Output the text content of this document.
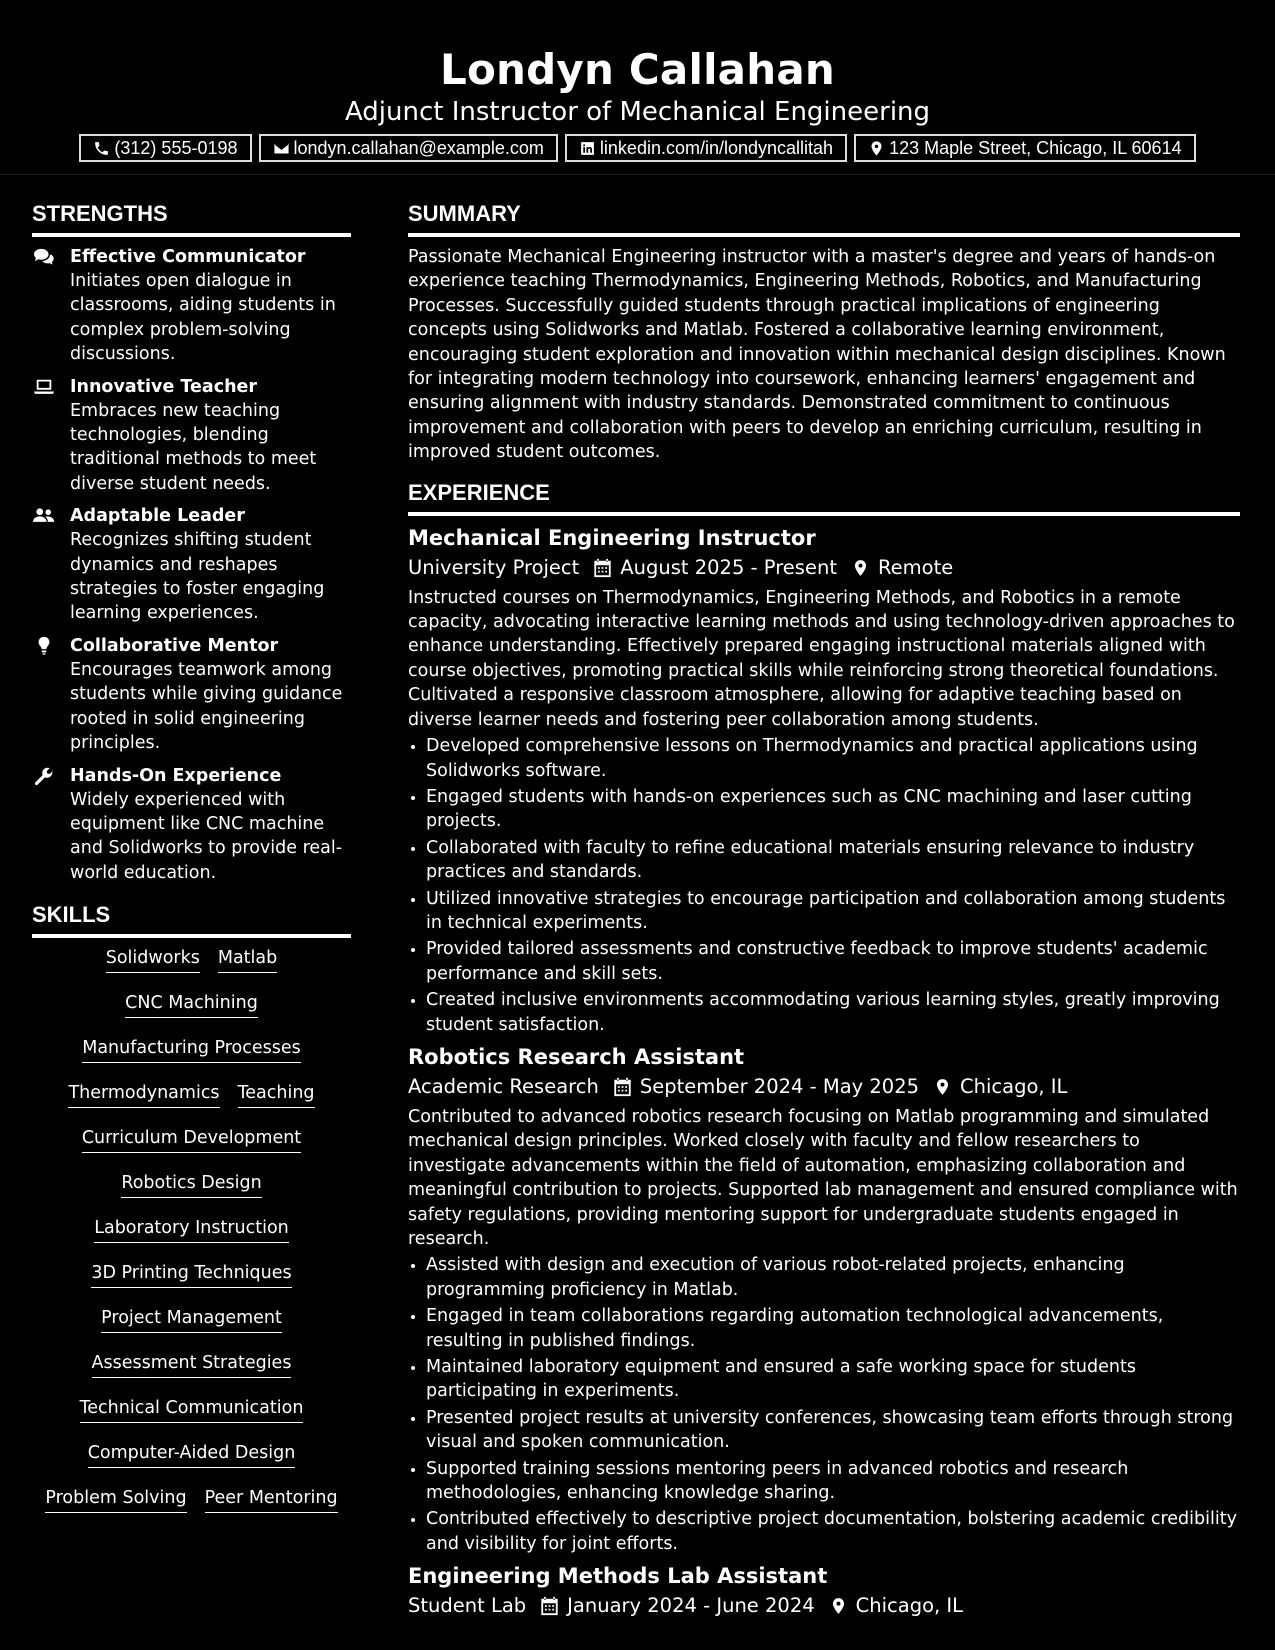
Londyn Callahan
Adjunct Instructor of Mechanical Engineering
(312) 555-0198	londyn.callahan@example.com	linkedin.com/in/londyncallitah	123 Maple Street, Chicago, IL 60614
STRENGTHS
Effective Communicator
Initiates open dialogue in classrooms, aiding students in complex problem-solving discussions.
Innovative Teacher
Embraces new teaching technologies, blending traditional methods to meet diverse student needs.
Adaptable Leader
Recognizes shifting student dynamics and reshapes strategies to foster engaging learning experiences.
Collaborative Mentor
Encourages teamwork among students while giving guidance rooted in solid engineering principles.
Hands-On Experience
Widely experienced with equipment like CNC machine and Solidworks to provide real-world education.
SKILLS
Solidworks Matlab
CNC Machining
Manufacturing Processes
Thermodynamics Teaching
Curriculum Development
Robotics Design
Laboratory Instruction
3D Printing Techniques
Project Management
Assessment Strategies
Technical Communication
Computer-Aided Design
Problem Solving Peer Mentoring
SUMMARY

Passionate Mechanical Engineering instructor with a master's degree and years of hands-on experience teaching Thermodynamics, Engineering Methods, Robotics, and Manufacturing Processes. Successfully guided students through practical implications of engineering concepts using Solidworks and Matlab. Fostered a collaborative learning environment, encouraging student exploration and innovation within mechanical design disciplines. Known for integrating modern technology into coursework, enhancing learners' engagement and ensuring alignment with industry standards. Demonstrated commitment to continuous improvement and collaboration with peers to develop an enriching curriculum, resulting in improved student outcomes.

EXPERIENCE
Mechanical Engineering Instructor
University Project August 2025 - Present Remote

Instructed courses on Thermodynamics, Engineering Methods, and Robotics in a remote capacity, advocating interactive learning methods and using technology-driven approaches to enhance understanding. Effectively prepared engaging instructional materials aligned with course objectives, promoting practical skills while reinforcing strong theoretical foundations. Cultivated a responsive classroom atmosphere, allowing for adaptive teaching based on diverse learner needs and fostering peer collaboration among students.

• Developed comprehensive lessons on Thermodynamics and practical applications using Solidworks software.
• Engaged students with hands-on experiences such as CNC machining and laser cutting projects.
• Collaborated with faculty to refine educational materials ensuring relevance to industry practices and standards.
• Utilized innovative strategies to encourage participation and collaboration among students in technical experiments.
• Provided tailored assessments and constructive feedback to improve students' academic performance and skill sets.
• Created inclusive environments accommodating various learning styles, greatly improving student satisfaction.
Robotics Research Assistant
Academic Research September 2024 - May 2025 Chicago, IL

Contributed to advanced robotics research focusing on Matlab programming and simulated mechanical design principles. Worked closely with faculty and fellow researchers to investigate advancements within the field of automation, emphasizing collaboration and meaningful contribution to projects. Supported lab management and ensured compliance with safety regulations, providing mentoring support for undergraduate students engaged in research.

• Assisted with design and execution of various robot-related projects, enhancing programming proficiency in Matlab.
• Engaged in team collaborations regarding automation technological advancements, resulting in published findings.
• Maintained laboratory equipment and ensured a safe working space for students participating in experiments.
• Presented project results at university conferences, showcasing team efforts through strong visual and spoken communication.
• Supported training sessions mentoring peers in advanced robotics and research methodologies, enhancing knowledge sharing.
• Contributed effectively to descriptive project documentation, bolstering academic credibility and visibility for joint efforts.
Engineering Methods Lab Assistant
Student Lab January 2024 - June 2024 Chicago, IL
